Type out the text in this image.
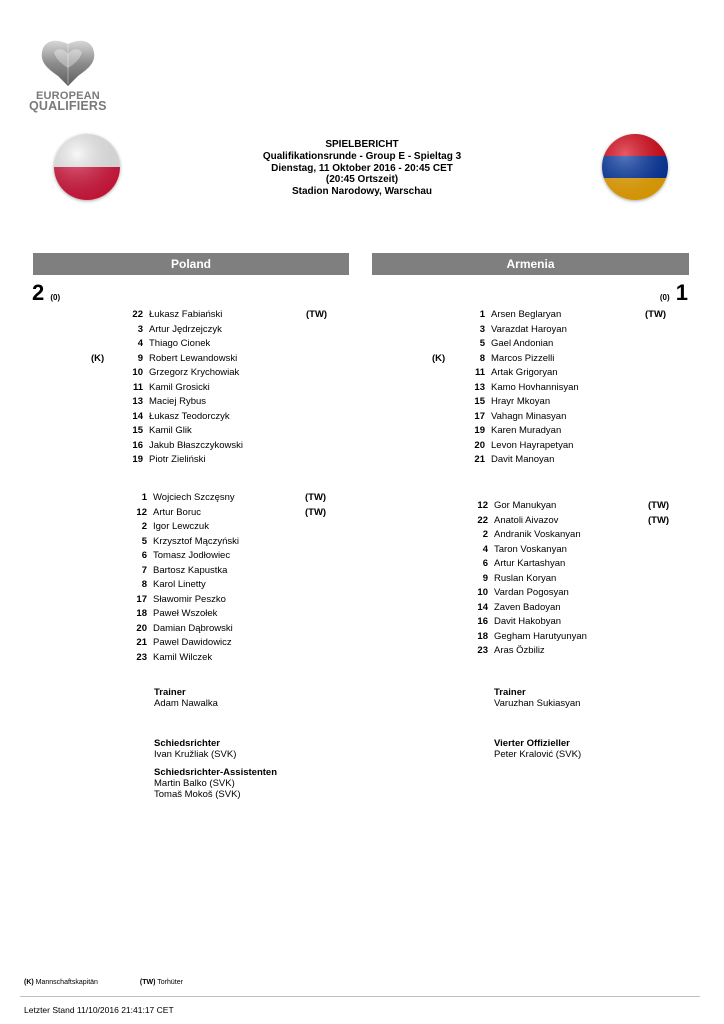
EUROPEAN
QUALIFIERS
SPIELBERICHT
Qualifikationsrunde - Group E - Spieltag 3
Dienstag, 11 Oktober 2016 - 20:45 CET
(20:45 Ortszeit)
Stadion Narodowy, Warschau
Poland	Armenia
2 (0)	(0) 1
22 Łukasz Fabiański	(TW)
3 Artur Jędrzejczyk
4 Thiago Cionek
(K)	9 Robert Lewandowski
10 Grzegorz Krychowiak
11 Kamil Grosicki
13 Maciej Rybus
14 Łukasz Teodorczyk
15 Kamil Glik
16 Jakub Błaszczykowski
19 Piotr Zieliński
1 Wojciech Szczęsny	(TW)
12 Artur Boruc	(TW)
2 Igor Lewczuk
5 Krzysztof Mączyński
6 Tomasz Jodłowiec
7 Bartosz Kapustka
8 Karol Linetty
17 Sławomir Peszko
18 Paweł Wszołek
20 Damian Dąbrowski
21 Pawel Dawidowicz
23 Kamil Wilczek
1 Arsen Beglaryan	(TW)
3 Varazdat Haroyan
5 Gael Andonian
(K)	8 Marcos Pizzelli
11 Artak Grigoryan
13 Kamo Hovhannisyan
15 Hrayr Mkoyan
17 Vahagn Minasyan
19 Karen Muradyan
20 Levon Hayrapetyan
21 Davit Manoyan
12 Gor Manukyan	(TW)
22 Anatoli Aivazov	(TW)
2 Andranik Voskanyan
4 Taron Voskanyan
6 Artur Kartashyan
9 Ruslan Koryan
10 Vardan Pogosyan
14 Zaven Badoyan
16 Davit Hakobyan
18 Gegham Harutyunyan
23 Aras Özbiliz
Trainer
Adam Nawalka
Trainer
Varuzhan Sukiasyan
Schiedsrichter
Ivan Kružliak (SVK)
Schiedsrichter-Assistenten
Martin Balko (SVK)
Tomaš Mokoš (SVK)
Vierter Offizieller
Peter Kralović (SVK)
(K) Mannschaftskapitän	(TW) Torhüter
Letzter Stand 11/10/2016 21:41:17 CET
